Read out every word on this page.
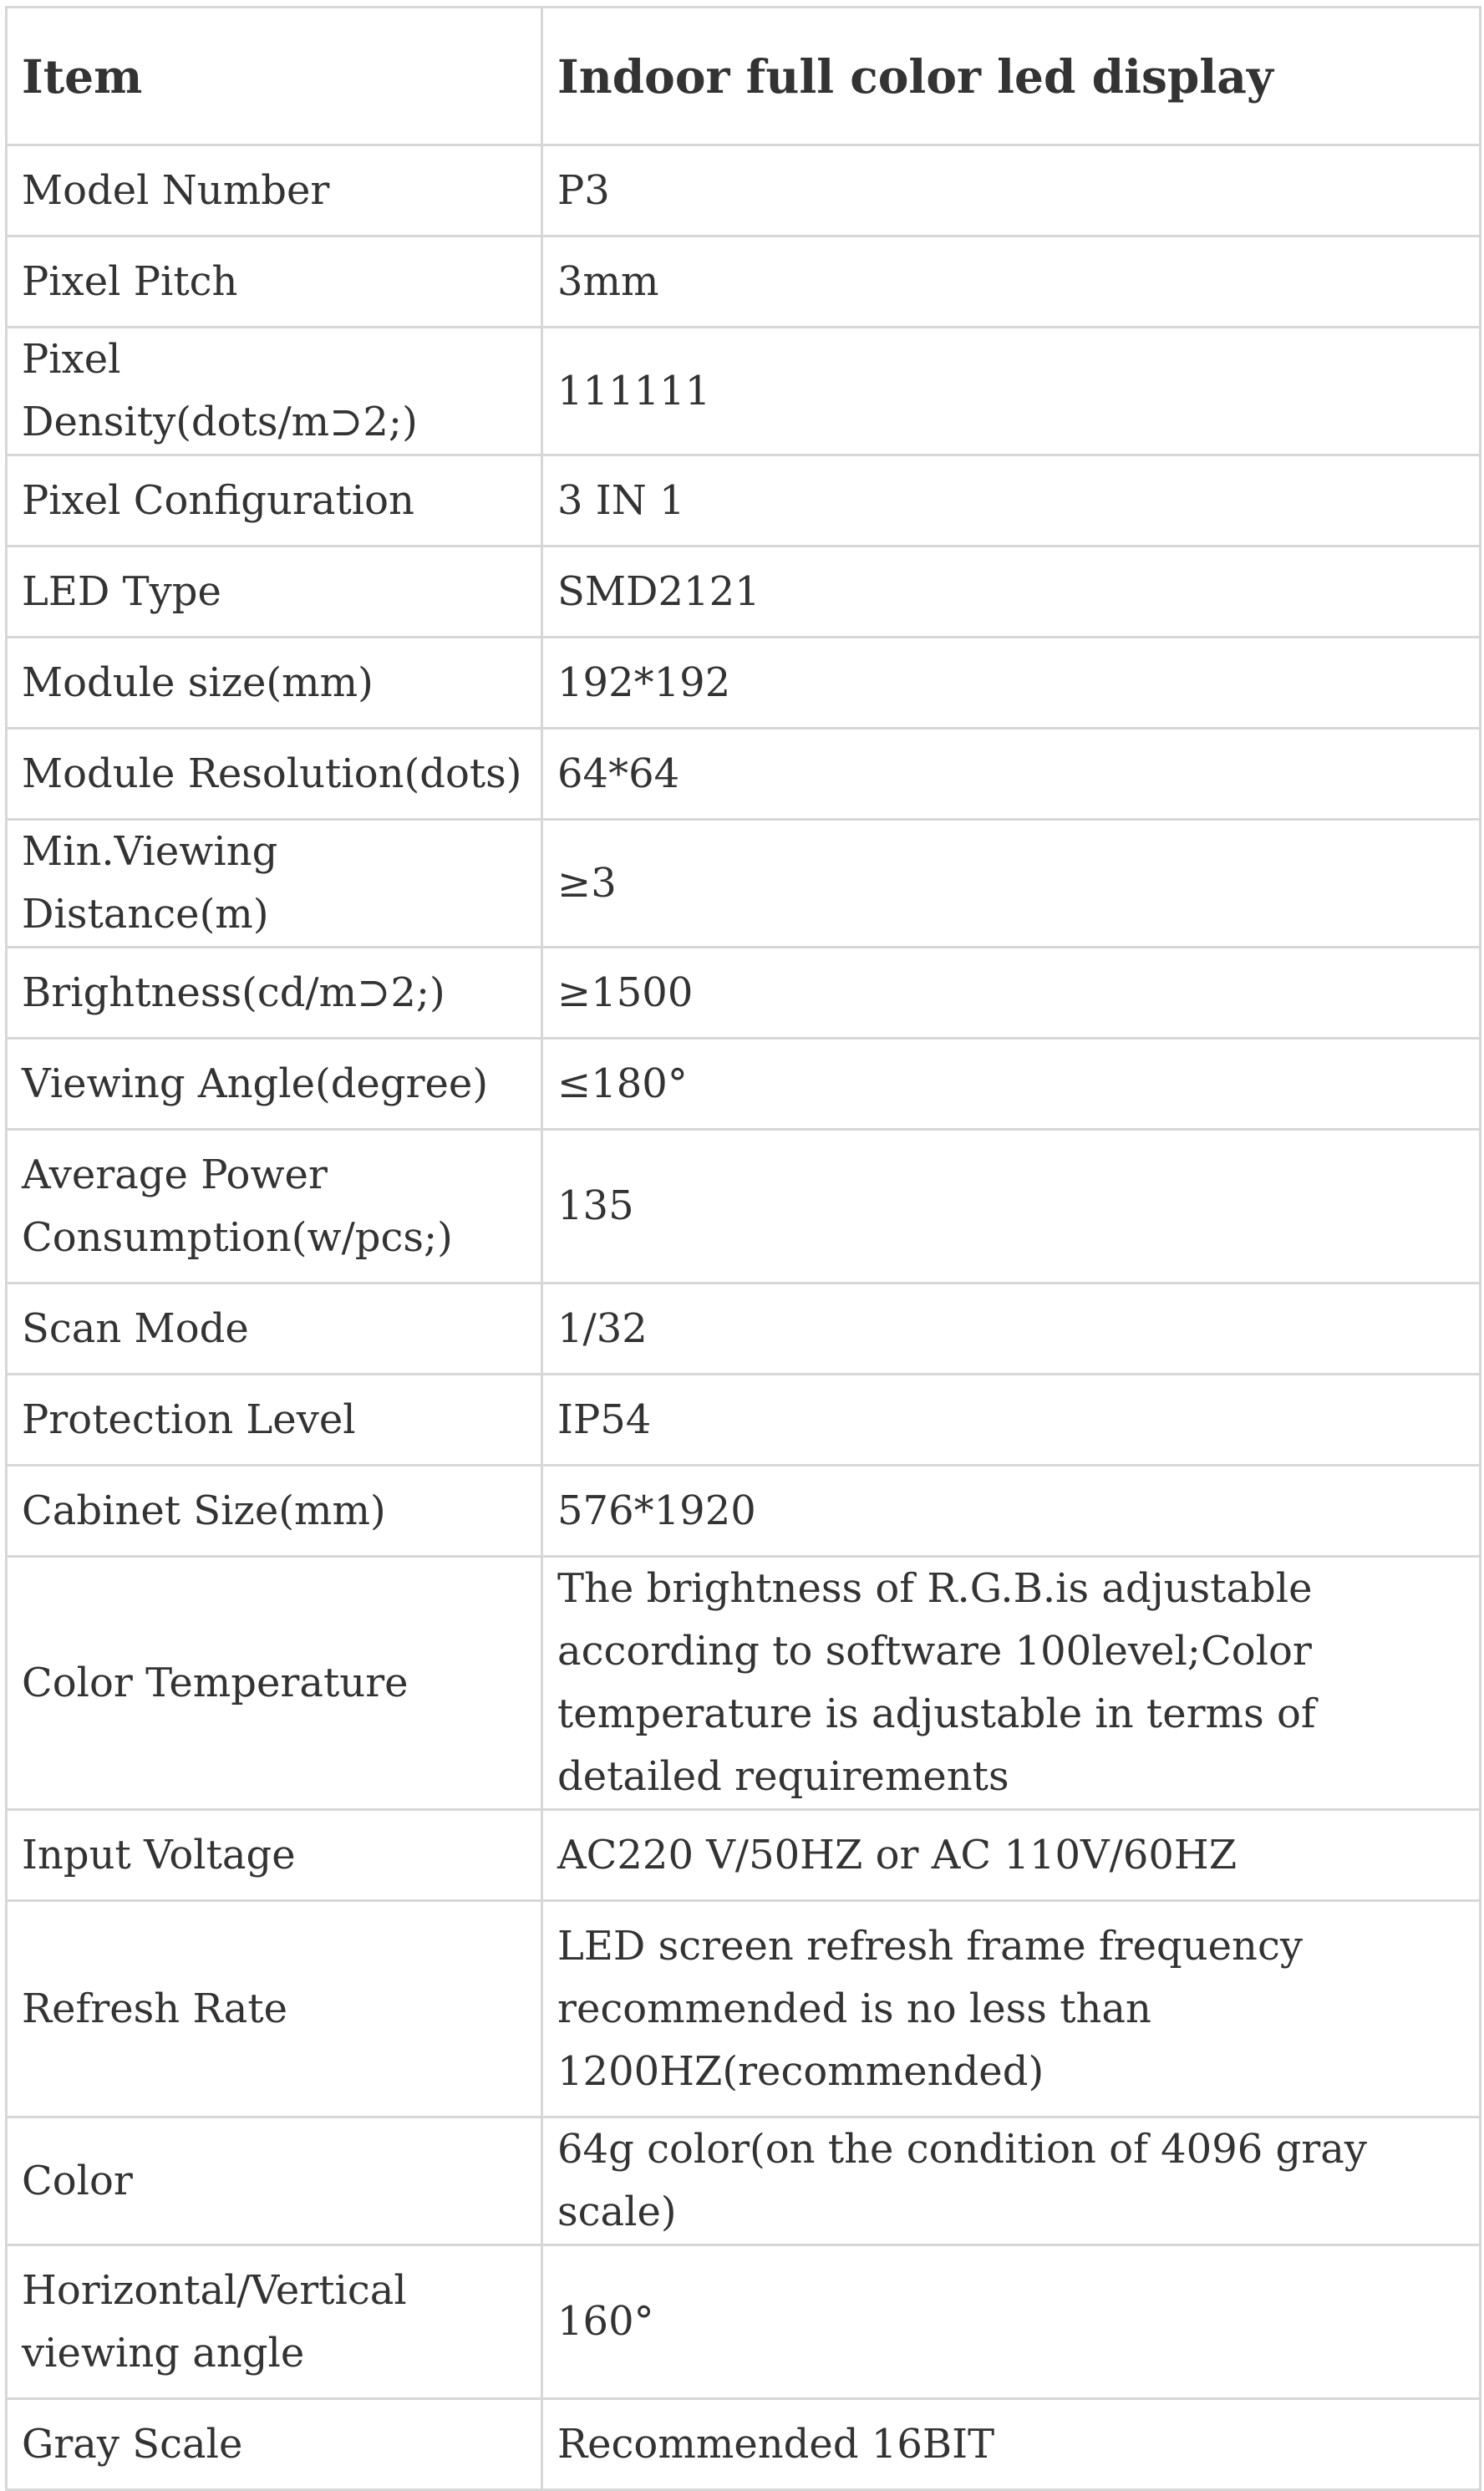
Item	Indoor full color led display
Model Number	P3
Pixel Pitch	3mm
Pixel Density(dots/m⊃2;)	111111
Pixel Configuration	3 IN 1
LED Type	SMD2121
Module size(mm)	192*192
Module Resolution(dots)	64*64
Min.Viewing Distance(m)	≥3
Brightness(cd/m⊃2;)	≥1500
Viewing Angle(degree)	≤180°
Average Power Consumption(w/pcs;)	135
Scan Mode	1/32
Protection Level	IP54
Cabinet Size(mm)	576*1920
Color Temperature	The brightness of R.G.B.is adjustable according to software 100level;Color temperature is adjustable in terms of detailed requirements
Input Voltage	AC220 V/50HZ or AC 110V/60HZ
Refresh Rate	LED screen refresh frame frequency recommended is no less than 1200HZ(recommended)
Color	64g color(on the condition of 4096 gray scale)
Horizontal/Vertical viewing angle	160°
Gray Scale	Recommended 16BIT
